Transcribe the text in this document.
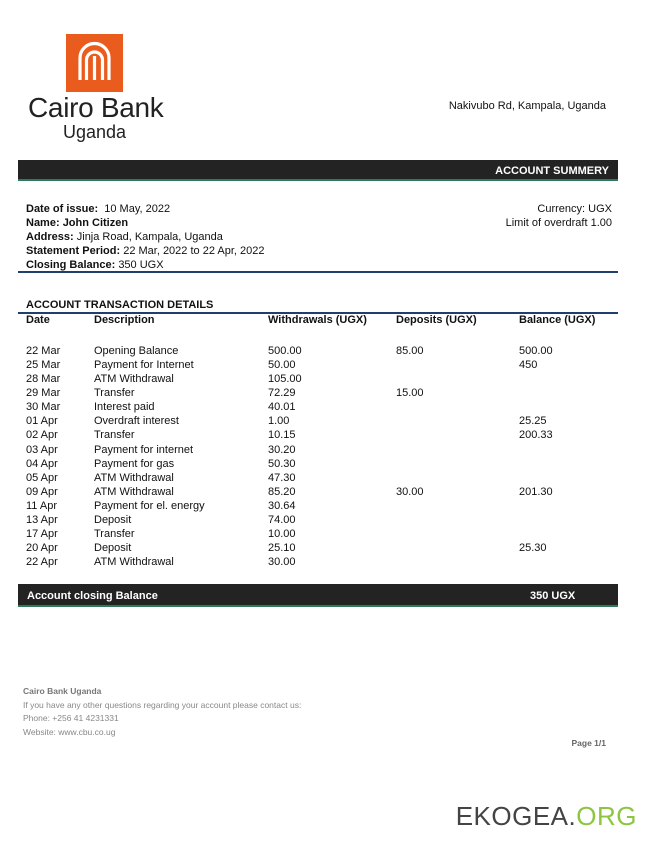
Cairo Bank
Uganda
Nakivubo Rd, Kampala, Uganda
ACCOUNT SUMMERY
Date of issue: 10 May, 2022
Name: John Citizen
Address: Jinja Road, Kampala, Uganda
Statement Period: 22 Mar, 2022 to 22 Apr, 2022
Closing Balance: 350 UGX
Currency: UGX
Limit of overdraft 1.00
ACCOUNT TRANSACTION DETAILS
Date	Description	Withdrawals (UGX)	Deposits (UGX)	Balance (UGX)

22 Mar	Opening Balance	500.00	85.00	500.00
25 Mar	Payment for Internet	50.00		450
28 Mar	ATM Withdrawal	105.00		
29 Mar	Transfer	72.29	15.00	
30 Mar	Interest paid	40.01		
01 Apr	Overdraft interest	1.00		25.25
02 Apr	Transfer	10.15		200.33
03 Apr	Payment for internet	30.20		
04 Apr	Payment for gas	50.30		
05 Apr	ATM Withdrawal	47.30		
09 Apr	ATM Withdrawal	85.20	30.00	201.30
11 Apr	Payment for el. energy	30.64		
13 Apr	Deposit	74.00		
17 Apr	Transfer	10.00		
20 Apr	Deposit	25.10		25.30
22 Apr	ATM Withdrawal	30.00		
Account closing Balance	350 UGX
Cairo Bank Uganda
If you have any other questions regarding your account please contact us:
Phone: +256 41 4231331
Website: www.cbu.co.ug
Page 1/1
EKOGEA.ORG
